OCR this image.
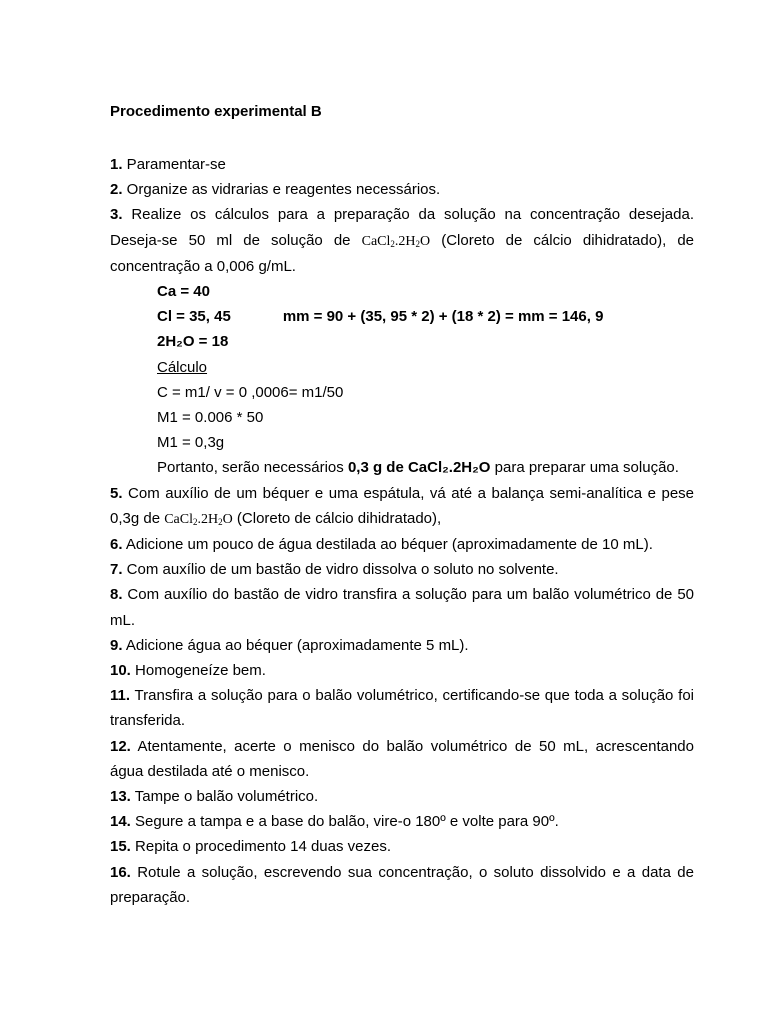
Procedimento experimental B

1. Paramentar-se

2. Organize as vidrarias e reagentes necessários.

3. Realize os cálculos para a preparação da solução na concentração desejada. Deseja-se 50 ml de solução de $CaCl_2.2H_2O$ (Cloreto de cálcio dihidratado), de concentração a 0,006 g/mL.

Ca = 40

Cl = 35, 45	mm = 90 + (35, 95 * 2) + (18 * 2) = mm = 146, 9

2H₂O = 18

Cálculo

C = m1/ v = 0 ,0006= m1/50

M1 = 0.006 * 50

M1 = 0,3g

Portanto, serão necessários 0,3 g de CaCl₂.2H₂O para preparar uma solução.

5. Com auxílio de um béquer e uma espátula, vá até a balança semi-analítica e pese 0,3g de $CaCl_2.2H_2O$ (Cloreto de cálcio dihidratado),

6. Adicione um pouco de água destilada ao béquer (aproximadamente de 10 mL).

7. Com auxílio de um bastão de vidro dissolva o soluto no solvente.

8. Com auxílio do bastão de vidro transfira a solução para um balão volumétrico de 50 mL.

9. Adicione água ao béquer (aproximadamente 5 mL).

10. Homogeneíze bem.

11. Transfira a solução para o balão volumétrico, certificando-se que toda a solução foi transferida.

12. Atentamente, acerte o menisco do balão volumétrico de 50 mL, acrescentando água destilada até o menisco.

13. Tampe o balão volumétrico.

14. Segure a tampa e a base do balão, vire-o 180º e volte para 90º.

15. Repita o procedimento 14 duas vezes.

16. Rotule a solução, escrevendo sua concentração, o soluto dissolvido e a data de preparação.
